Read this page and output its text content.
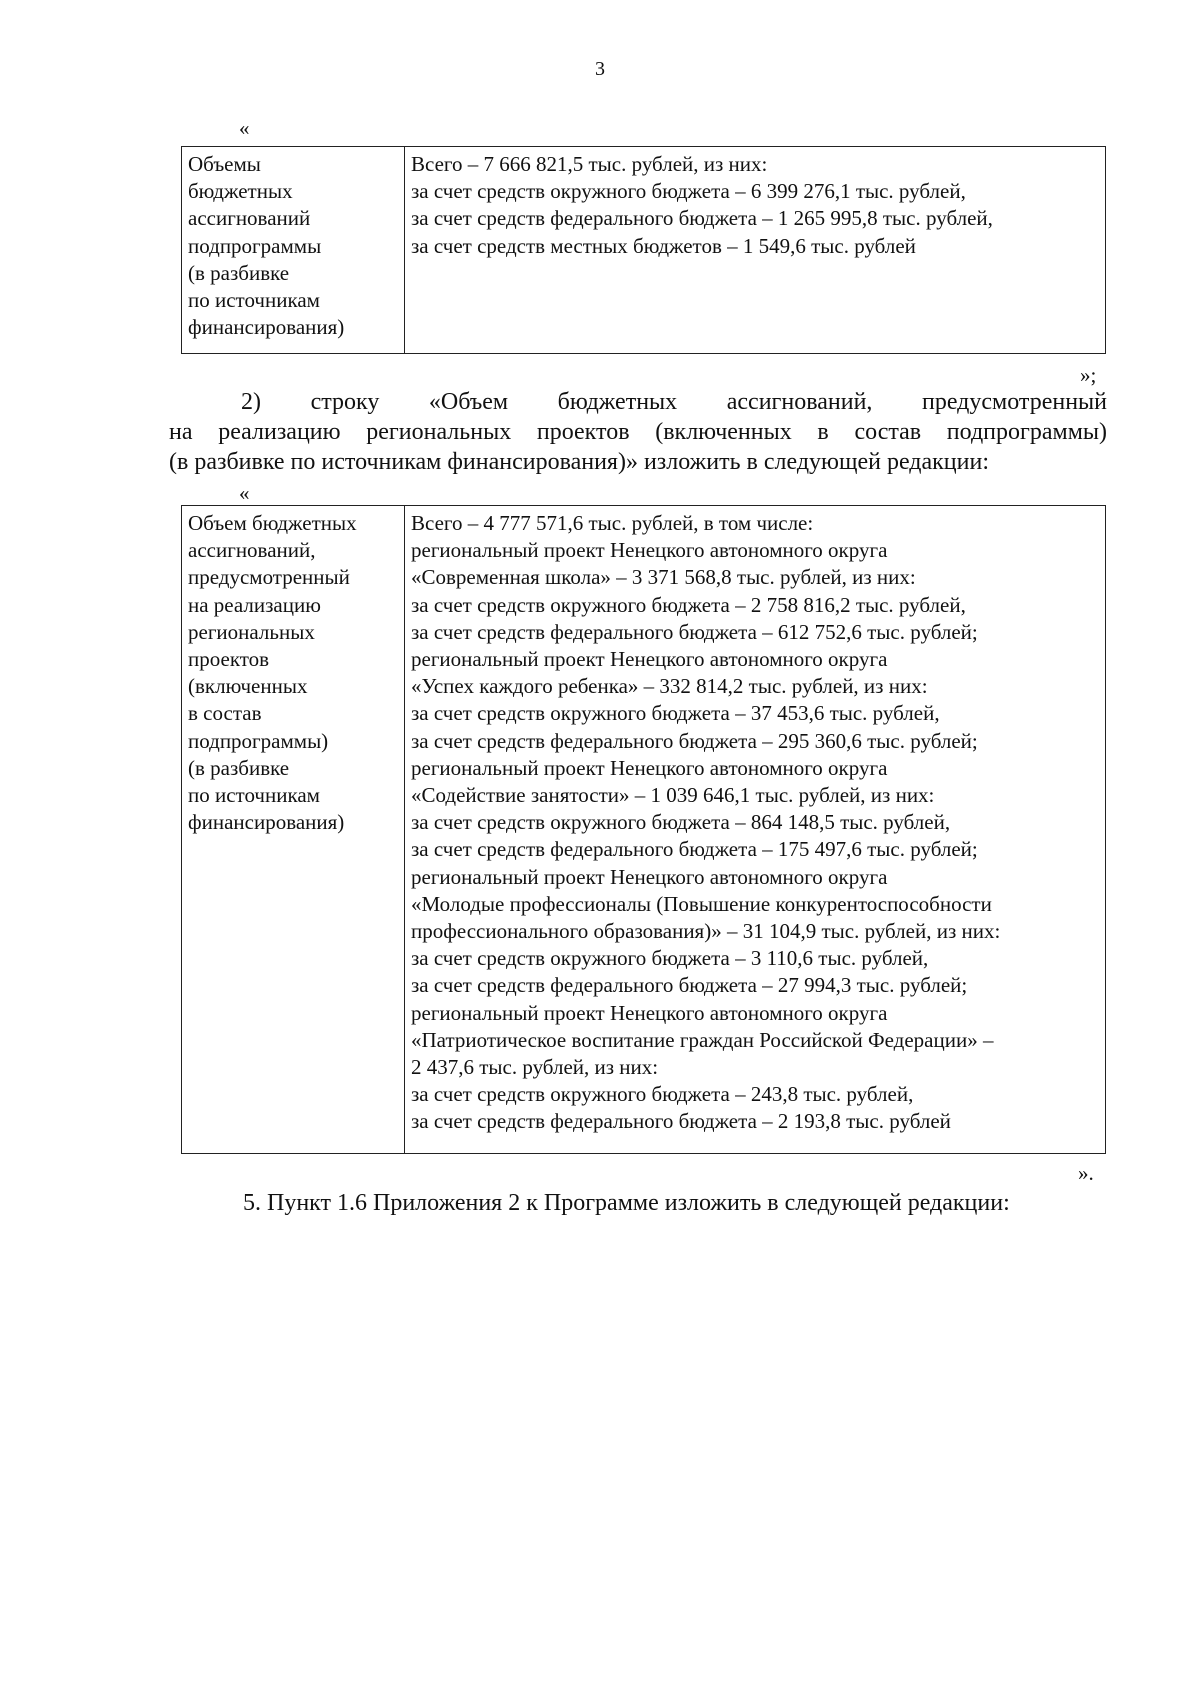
3
«
Объемы
бюджетных
ассигнований
подпрограммы
(в разбивке
по источникам
финансирования)

Всего – 7 666 821,5 тыс. рублей, из них:
за счет средств окружного бюджета – 6 399 276,1 тыс. рублей,
за счет средств федерального бюджета – 1 265 995,8 тыс. рублей,
за счет средств местных бюджетов – 1 549,6 тыс. рублей
»;
2) строку «Объем бюджетных ассигнований, предусмотренный
на реализацию региональных проектов (включенных в состав подпрограммы)
(в разбивке по источникам финансирования)» изложить в следующей редакции:
«
Объем бюджетных
ассигнований,
предусмотренный
на реализацию
региональных
проектов
(включенных
в состав
подпрограммы)
(в разбивке
по источникам
финансирования)

Всего – 4 777 571,6 тыс. рублей, в том числе:
региональный проект Ненецкого автономного округа
«Современная школа» – 3 371 568,8 тыс. рублей, из них:
за счет средств окружного бюджета – 2 758 816,2 тыс. рублей,
за счет средств федерального бюджета – 612 752,6 тыс. рублей;
региональный проект Ненецкого автономного округа
«Успех каждого ребенка» – 332 814,2 тыс. рублей, из них:
за счет средств окружного бюджета – 37 453,6 тыс. рублей,
за счет средств федерального бюджета – 295 360,6 тыс. рублей;
региональный проект Ненецкого автономного округа
«Содействие занятости» – 1 039 646,1 тыс. рублей, из них:
за счет средств окружного бюджета – 864 148,5 тыс. рублей,
за счет средств федерального бюджета – 175 497,6 тыс. рублей;
региональный проект Ненецкого автономного округа
«Молодые профессионалы (Повышение конкурентоспособности
профессионального образования)» – 31 104,9 тыс. рублей, из них:
за счет средств окружного бюджета – 3 110,6 тыс. рублей,
за счет средств федерального бюджета – 27 994,3 тыс. рублей;
региональный проект Ненецкого автономного округа
«Патриотическое воспитание граждан Российской Федерации» –
2 437,6 тыс. рублей, из них:
за счет средств окружного бюджета – 243,8 тыс. рублей,
за счет средств федерального бюджета – 2 193,8 тыс. рублей
».
5. Пункт 1.6 Приложения 2 к Программе изложить в следующей редакции:
